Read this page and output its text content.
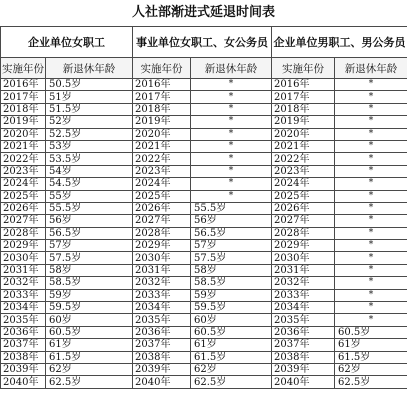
人社部渐进式延退时间表
企业单位女职工		事业单位女职工、女公务员		企业单位男职工、男公务员	
实施年份	新退休年龄	实施年份	新退休年龄	实施年份	新退休年龄
2016年	50.5岁	2016年	*	2016年	*
2017年	51岁	2017年	*	2017年	*
2018年	51.5岁	2018年	*	2018年	*
2019年	52岁	2019年	*	2019年	*
2020年	52.5岁	2020年	*	2020年	*
2021年	53岁	2021年	*	2021年	*
2022年	53.5岁	2022年	*	2022年	*
2023年	54岁	2023年	*	2023年	*
2024年	54.5岁	2024年	*	2024年	*
2025年	55岁	2025年	*	2025年	*
2026年	55.5岁	2026年	55.5岁	2026年	*
2027年	56岁	2027年	56岁	2027年	*
2028年	56.5岁	2028年	56.5岁	2028年	*
2029年	57岁	2029年	57岁	2029年	*
2030年	57.5岁	2030年	57.5岁	2030年	*
2031年	58岁	2031年	58岁	2031年	*
2032年	58.5岁	2032年	58.5岁	2032年	*
2033年	59岁	2033年	59岁	2033年	*
2034年	59.5岁	2034年	59.5岁	2034年	*
2035年	60岁	2035年	60岁	2035年	*
2036年	60.5岁	2036年	60.5岁	2036年	60.5岁
2037年	61岁	2037年	61岁	2037年	61岁
2038年	61.5岁	2038年	61.5岁	2038年	61.5岁
2039年	62岁	2039年	62岁	2039年	62岁
2040年	62.5岁	2040年	62.5岁	2040年	62.5岁
